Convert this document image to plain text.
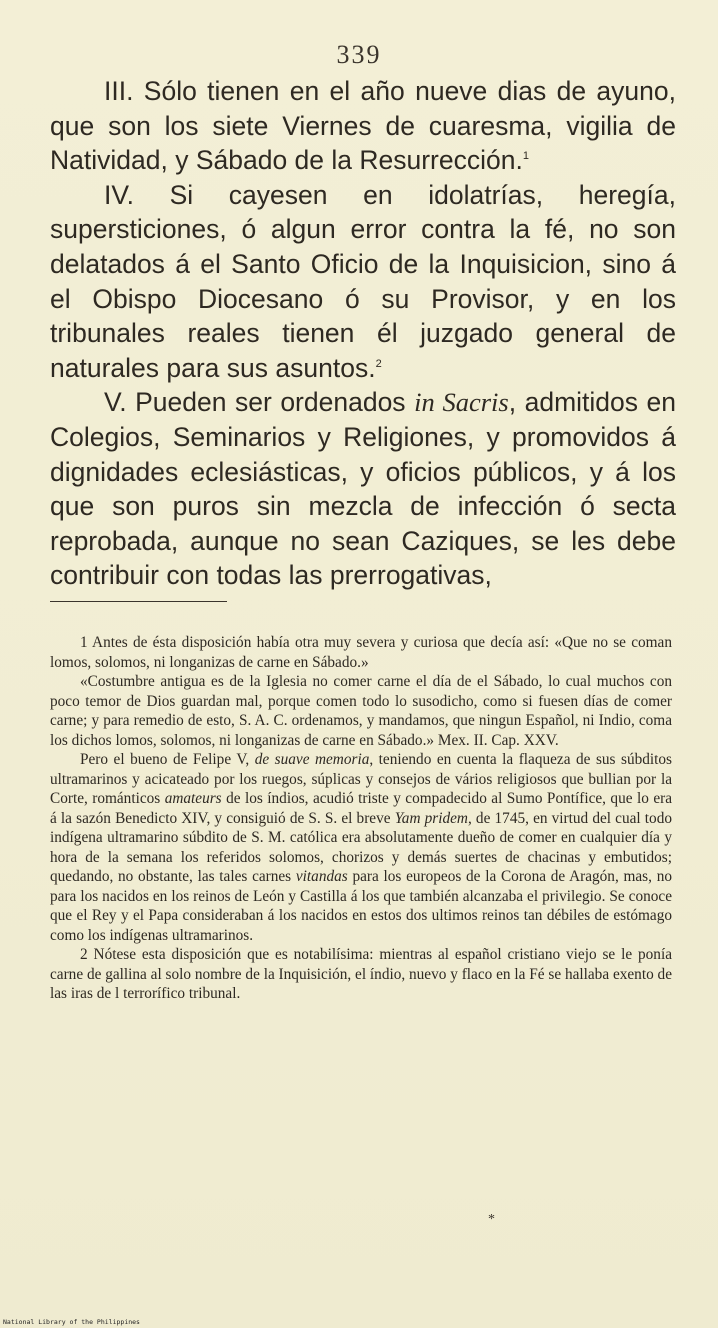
339

III. Sólo tienen en el año nueve dias de ayuno, que son los siete Viernes de cuaresma, vigilia de Natividad, y Sábado de la Resurrección.$^1$

IV. Si cayesen en idolatrías, heregía, supersticiones, ó algun error contra la fé, no son delatados á el Santo Oficio de la Inquisicion, sino á el Obispo Diocesano ó su Provisor, y en los tribunales reales tienen él juzgado general de naturales para sus asuntos.$^2$

V. Pueden ser ordenados in Sacris, admitidos en Colegios, Seminarios y Religiones, y promovidos á dignidades eclesiásticas, y oficios públicos, y á los que son puros sin mezcla de infección ó secta reprobada, aunque no sean Caziques, se les debe contribuir con todas las prerrogativas,

1 Antes de ésta disposición había otra muy severa y curiosa que decía así: «Que no se coman lomos, solomos, ni longanizas de carne en Sábado.»

«Costumbre antigua es de la Iglesia no comer carne el día de el Sábado, lo cual muchos con poco temor de Dios guardan mal, porque comen todo lo susodicho, como si fuesen días de comer carne; y para remedio de esto, S. A. C. ordenamos, y mandamos, que ningun Español, ni Indio, coma los dichos lomos, solomos, ni longanizas de carne en Sábado.» Mex. II. Cap. XXV.

Pero el bueno de Felipe V, de suave memoria, teniendo en cuenta la flaqueza de sus súbditos ultramarinos y acicateado por los ruegos, súplicas y consejos de vários religiosos que bullian por la Corte, románticos amateurs de los índios, acudió triste y compadecido al Sumo Pontífice, que lo era á la sazón Benedicto XIV, y consiguió de S. S. el breve Yam pridem, de 1745, en virtud del cual todo indígena ultramarino súbdito de S. M. católica era absolutamente dueño de comer en cualquier día y hora de la semana los referidos solomos, chorizos y demás suertes de chacinas y embutidos; quedando, no obstante, las tales carnes vitandas para los europeos de la Corona de Aragón, mas, no para los nacidos en los reinos de León y Castilla á los que también alcanzaba el privilegio. Se conoce que el Rey y el Papa consideraban á los nacidos en estos dos ultimos reinos tan débiles de estómago como los indígenas ultramarinos.

2 Nótese esta disposición que es notabilísima: mientras al español cristiano viejo se le ponía carne de gallina al solo nombre de la Inquisición, el índio, nuevo y flaco en la Fé se hallaba exento de las iras de l terrorífico tribunal.

*
National Library of the Philippines
